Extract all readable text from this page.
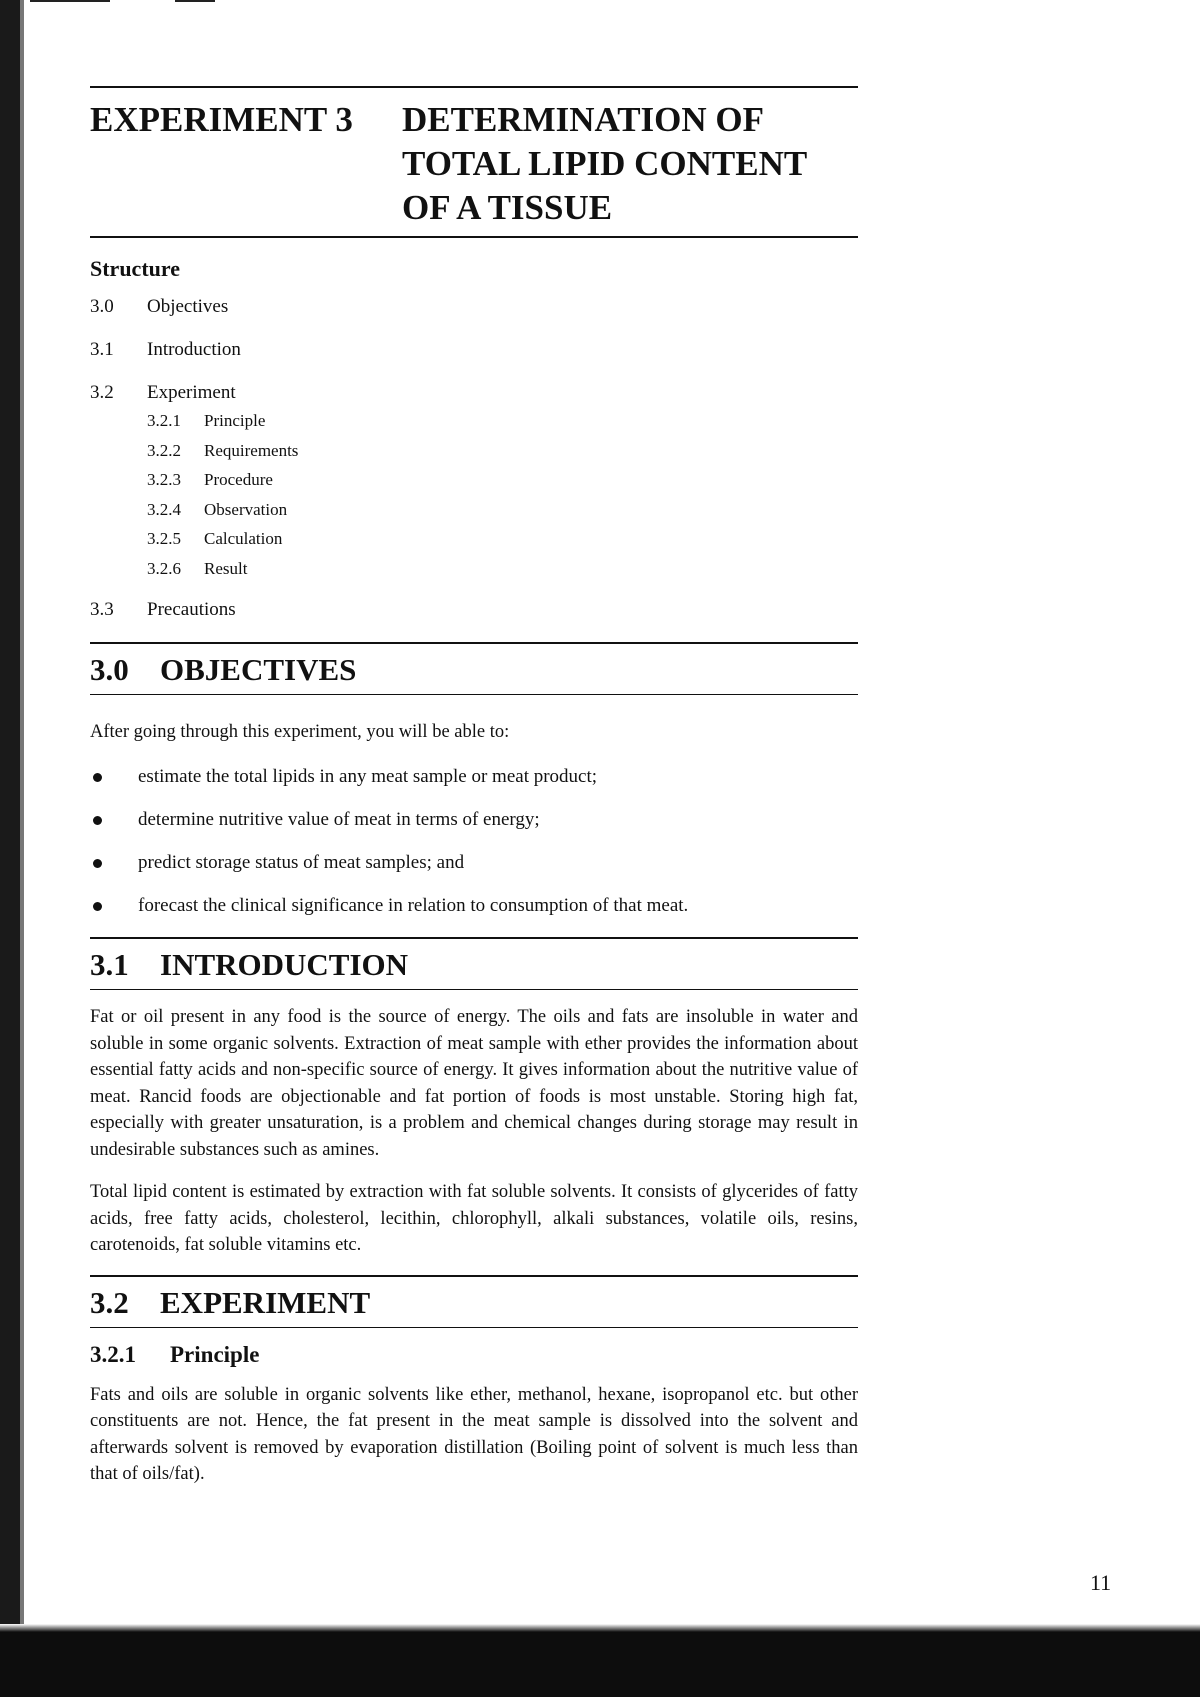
EXPERIMENT 3	DETERMINATION OF
TOTAL LIPID CONTENT
OF A TISSUE
Structure
3.0	Objectives
3.1	Introduction
3.2	Experiment
3.2.1	Principle
3.2.2	Requirements
3.2.3	Procedure
3.2.4	Observation
3.2.5	Calculation
3.2.6	Result
3.3	Precautions
3.0	OBJECTIVES

After going through this experiment, you will be able to:

estimate the total lipids in any meat sample or meat product;
determine nutritive value of meat in terms of energy;
predict storage status of meat samples; and
forecast the clinical significance in relation to consumption of that meat.
3.1	INTRODUCTION

Fat or oil present in any food is the source of energy. The oils and fats are insoluble in water and soluble in some organic solvents. Extraction of meat sample with ether provides the information about essential fatty acids and non-specific source of energy. It gives information about the nutritive value of meat. Rancid foods are objectionable and fat portion of foods is most unstable. Storing high fat, especially with greater unsaturation, is a problem and chemical changes during storage may result in undesirable substances such as amines.

Total lipid content is estimated by extraction with fat soluble solvents. It consists of glycerides of fatty acids, free fatty acids, cholesterol, lecithin, chlorophyll, alkali substances, volatile oils, resins, carotenoids, fat soluble vitamins etc.

3.2	EXPERIMENT
3.2.1	Principle

Fats and oils are soluble in organic solvents like ether, methanol, hexane, isopropanol etc. but other constituents are not. Hence, the fat present in the meat sample is dissolved into the solvent and afterwards solvent is removed by evaporation distillation (Boiling point of solvent is much less than that of oils/fat).

11
